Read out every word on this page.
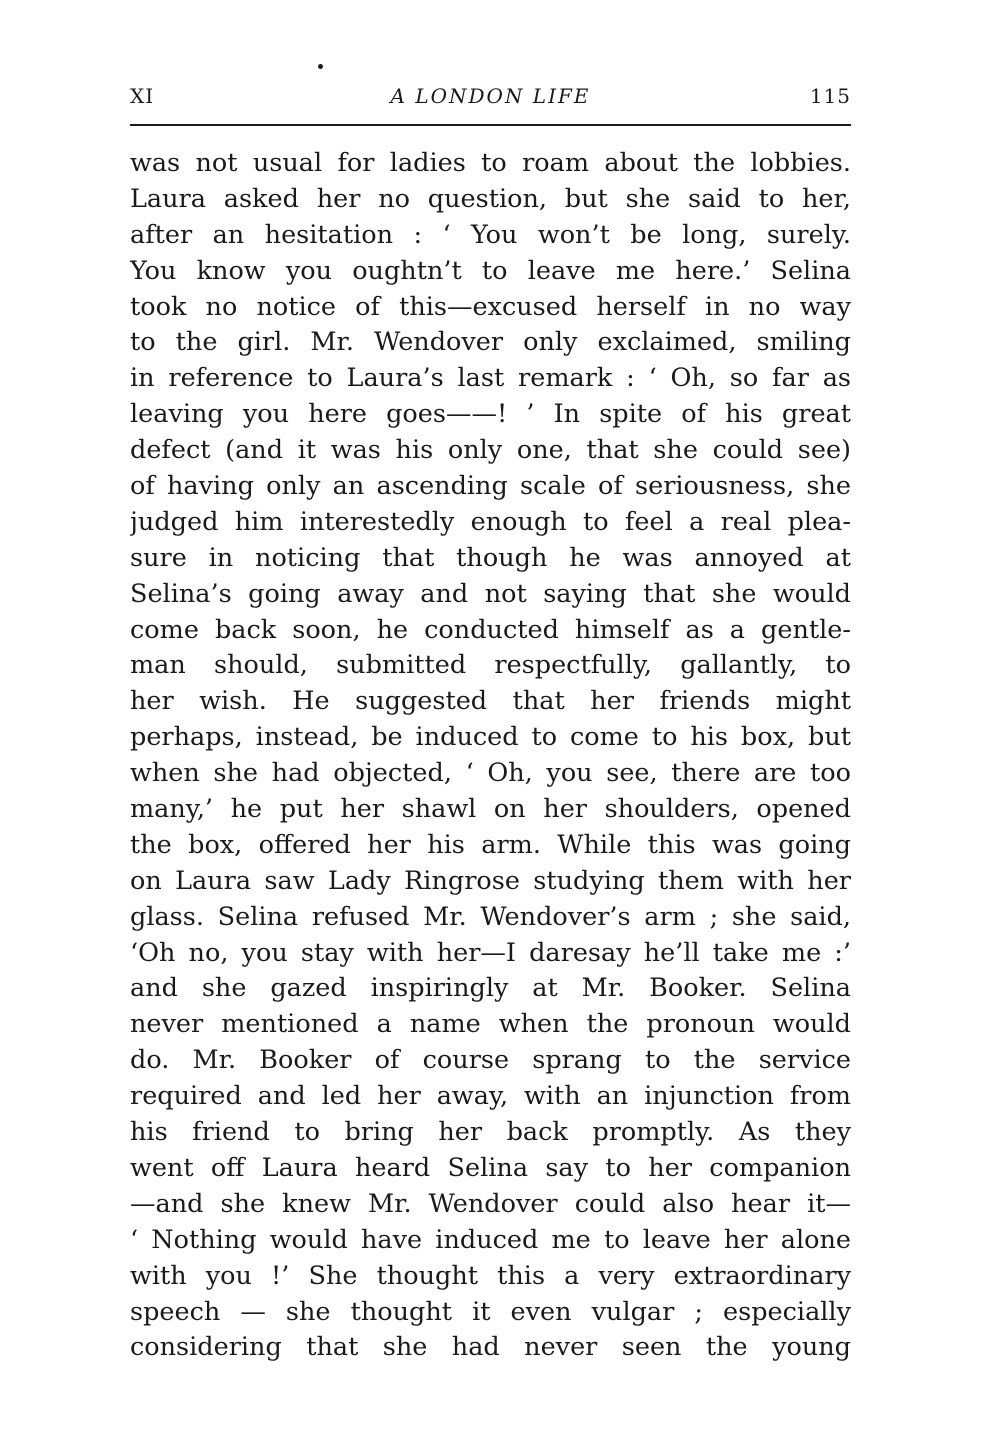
XI	A LONDON LIFE	115
was not usual for ladies to roam about the lobbies.
Laura asked her no question, but she said to her,
after an hesitation : ‘ You won’t be long, surely.
You know you oughtn’t to leave me here.’ Selina
took no notice of this—excused herself in no way
to the girl. Mr. Wendover only exclaimed, smiling
in reference to Laura’s last remark : ‘ Oh, so far as
leaving you here goes——! ’ In spite of his great
defect (and it was his only one, that she could see)
of having only an ascending scale of seriousness, she
judged him interestedly enough to feel a real plea-
sure in noticing that though he was annoyed at
Selina’s going away and not saying that she would
come back soon, he conducted himself as a gentle-
man should, submitted respectfully, gallantly, to
her wish. He suggested that her friends might
perhaps, instead, be induced to come to his box, but
when she had objected, ‘ Oh, you see, there are too
many,’ he put her shawl on her shoulders, opened
the box, offered her his arm. While this was going
on Laura saw Lady Ringrose studying them with her
glass. Selina refused Mr. Wendover’s arm ; she said,
‘Oh no, you stay with her—I daresay he’ll take me :’
and she gazed inspiringly at Mr. Booker. Selina
never mentioned a name when the pronoun would
do. Mr. Booker of course sprang to the service
required and led her away, with an injunction from
his friend to bring her back promptly. As they
went off Laura heard Selina say to her companion
—and she knew Mr. Wendover could also hear it—
‘ Nothing would have induced me to leave her alone
with you !’ She thought this a very extraordinary
speech — she thought it even vulgar ; especially
considering that she had never seen the young
